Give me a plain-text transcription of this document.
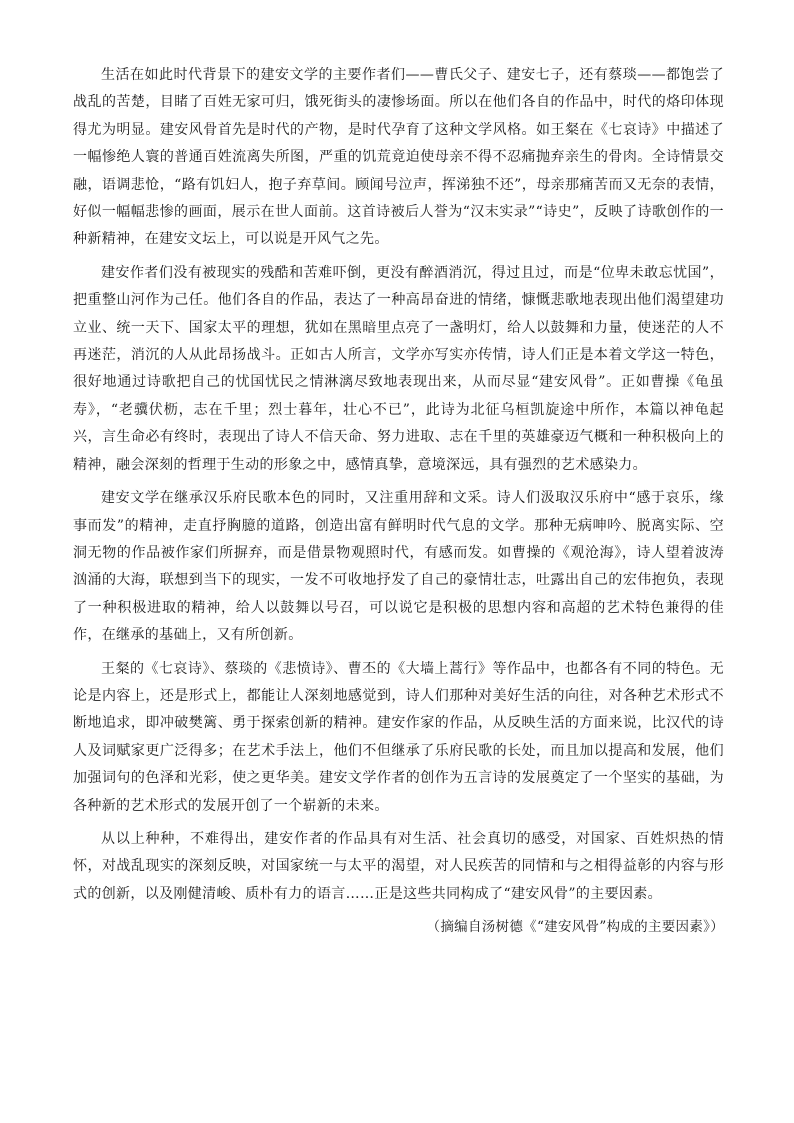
生活在如此时代背景下的建安文学的主要作者们——曹氏父子、建安七子，还有蔡琰——都饱尝了战乱的苦楚，目睹了百姓无家可归，饿死街头的凄惨场面。所以在他们各自的作品中，时代的烙印体现得尤为明显。建安风骨首先是时代的产物，是时代孕育了这种文学风格。如王粲在《七哀诗》中描述了一幅惨绝人寰的普通百姓流离失所图，严重的饥荒竟迫使母亲不得不忍痛抛弃亲生的骨肉。全诗情景交融，语调悲怆，“路有饥妇人，抱子弃草间。顾闻号泣声，挥涕独不还”，母亲那痛苦而又无奈的表情，好似一幅幅悲惨的画面，展示在世人面前。这首诗被后人誉为“汉末实录”“诗史”，反映了诗歌创作的一种新精神，在建安文坛上，可以说是开风气之先。

建安作者们没有被现实的残酷和苦难吓倒，更没有醉酒消沉，得过且过，而是“位卑未敢忘忧国”，把重整山河作为己任。他们各自的作品，表达了一种高昂奋进的情绪，慷慨悲歌地表现出他们渴望建功立业、统一天下、国家太平的理想，犹如在黑暗里点亮了一盏明灯，给人以鼓舞和力量，使迷茫的人不再迷茫，消沉的人从此昂扬战斗。正如古人所言，文学亦写实亦传情，诗人们正是本着文学这一特色，很好地通过诗歌把自己的忧国忧民之情淋漓尽致地表现出来，从而尽显“建安风骨”。正如曹操《龟虽寿》，“老骥伏枥，志在千里；烈士暮年，壮心不已”，此诗为北征乌桓凯旋途中所作，本篇以神龟起兴，言生命必有终时，表现出了诗人不信天命、努力进取、志在千里的英雄豪迈气概和一种积极向上的精神，融会深刻的哲理于生动的形象之中，感情真挚，意境深远，具有强烈的艺术感染力。

建安文学在继承汉乐府民歌本色的同时，又注重用辞和文采。诗人们汲取汉乐府中“感于哀乐，缘事而发”的精神，走直抒胸臆的道路，创造出富有鲜明时代气息的文学。那种无病呻吟、脱离实际、空洞无物的作品被作家们所摒弃，而是借景物观照时代，有感而发。如曹操的《观沧海》，诗人望着波涛汹涌的大海，联想到当下的现实，一发不可收地抒发了自己的豪情壮志，吐露出自己的宏伟抱负，表现了一种积极进取的精神，给人以鼓舞以号召，可以说它是积极的思想内容和高超的艺术特色兼得的佳作，在继承的基础上，又有所创新。

王粲的《七哀诗》、蔡琰的《悲愤诗》、曹丕的《大墙上蒿行》等作品中，也都各有不同的特色。无论是内容上，还是形式上，都能让人深刻地感觉到，诗人们那种对美好生活的向往，对各种艺术形式不断地追求，即冲破樊篱、勇于探索创新的精神。建安作家的作品，从反映生活的方面来说，比汉代的诗人及词赋家更广泛得多；在艺术手法上，他们不但继承了乐府民歌的长处，而且加以提高和发展，他们加强词句的色泽和光彩，使之更华美。建安文学作者的创作为五言诗的发展奠定了一个坚实的基础，为各种新的艺术形式的发展开创了一个崭新的未来。

从以上种种，不难得出，建安作者的作品具有对生活、社会真切的感受，对国家、百姓炽热的情怀，对战乱现实的深刻反映，对国家统一与太平的渴望，对人民疾苦的同情和与之相得益彰的内容与形式的创新，以及刚健清峻、质朴有力的语言……正是这些共同构成了“建安风骨”的主要因素。

（摘编自汤树德《“建安风骨”构成的主要因素》）
